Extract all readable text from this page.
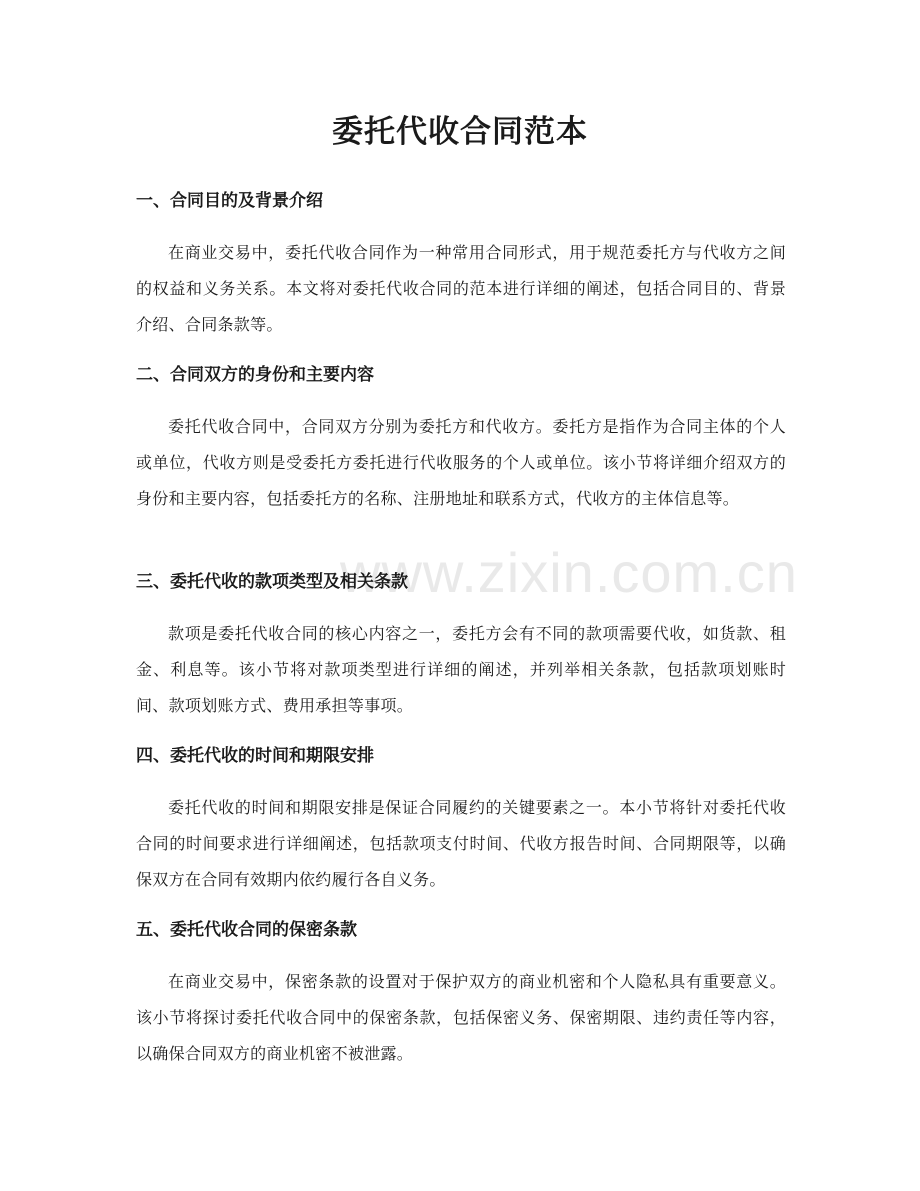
www.zixin.com.cn
委托代收合同范本
一、合同目的及背景介绍

在商业交易中，委托代收合同作为一种常用合同形式，用于规范委托方与代收方之间的权益和义务关系。本文将对委托代收合同的范本进行详细的阐述，包括合同目的、背景介绍、合同条款等。

二、合同双方的身份和主要内容

委托代收合同中，合同双方分别为委托方和代收方。委托方是指作为合同主体的个人或单位，代收方则是受委托方委托进行代收服务的个人或单位。该小节将详细介绍双方的身份和主要内容，包括委托方的名称、注册地址和联系方式，代收方的主体信息等。

三、委托代收的款项类型及相关条款

款项是委托代收合同的核心内容之一，委托方会有不同的款项需要代收，如货款、租金、利息等。该小节将对款项类型进行详细的阐述，并列举相关条款，包括款项划账时间、款项划账方式、费用承担等事项。

四、委托代收的时间和期限安排

委托代收的时间和期限安排是保证合同履约的关键要素之一。本小节将针对委托代收合同的时间要求进行详细阐述，包括款项支付时间、代收方报告时间、合同期限等，以确保双方在合同有效期内依约履行各自义务。

五、委托代收合同的保密条款

在商业交易中，保密条款的设置对于保护双方的商业机密和个人隐私具有重要意义。该小节将探讨委托代收合同中的保密条款，包括保密义务、保密期限、违约责任等内容，以确保合同双方的商业机密不被泄露。
